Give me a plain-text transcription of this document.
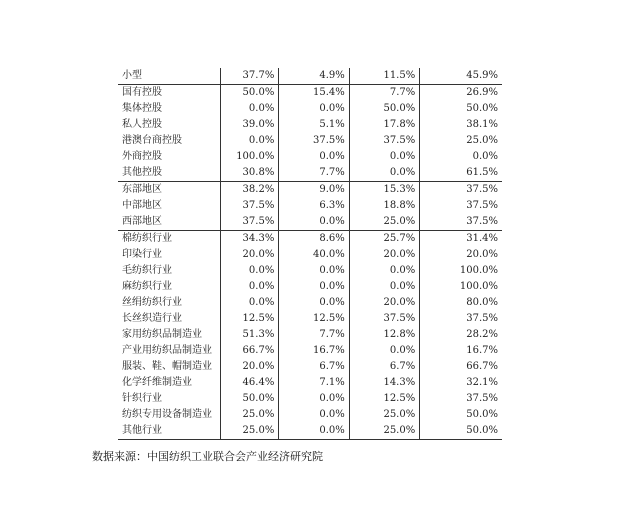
小型	37.7%	4.9%	11.5%	45.9%
国有控股	50.0%	15.4%	7.7%	26.9%
集体控股	0.0%	0.0%	50.0%	50.0%
私人控股	39.0%	5.1%	17.8%	38.1%
港澳台商控股	0.0%	37.5%	37.5%	25.0%
外商控股	100.0%	0.0%	0.0%	0.0%
其他控股	30.8%	7.7%	0.0%	61.5%
东部地区	38.2%	9.0%	15.3%	37.5%
中部地区	37.5%	6.3%	18.8%	37.5%
西部地区	37.5%	0.0%	25.0%	37.5%
棉纺织行业	34.3%	8.6%	25.7%	31.4%
印染行业	20.0%	40.0%	20.0%	20.0%
毛纺织行业	0.0%	0.0%	0.0%	100.0%
麻纺织行业	0.0%	0.0%	0.0%	100.0%
丝绢纺织行业	0.0%	0.0%	20.0%	80.0%
长丝织造行业	12.5%	12.5%	37.5%	37.5%
家用纺织品制造业	51.3%	7.7%	12.8%	28.2%
产业用纺织品制造业	66.7%	16.7%	0.0%	16.7%
服装、鞋、帽制造业	20.0%	6.7%	6.7%	66.7%
化学纤维制造业	46.4%	7.1%	14.3%	32.1%
针织行业	50.0%	0.0%	12.5%	37.5%
纺织专用设备制造业	25.0%	0.0%	25.0%	50.0%
其他行业	25.0%	0.0%	25.0%	50.0%
数据来源：中国纺织工业联合会产业经济研究院
